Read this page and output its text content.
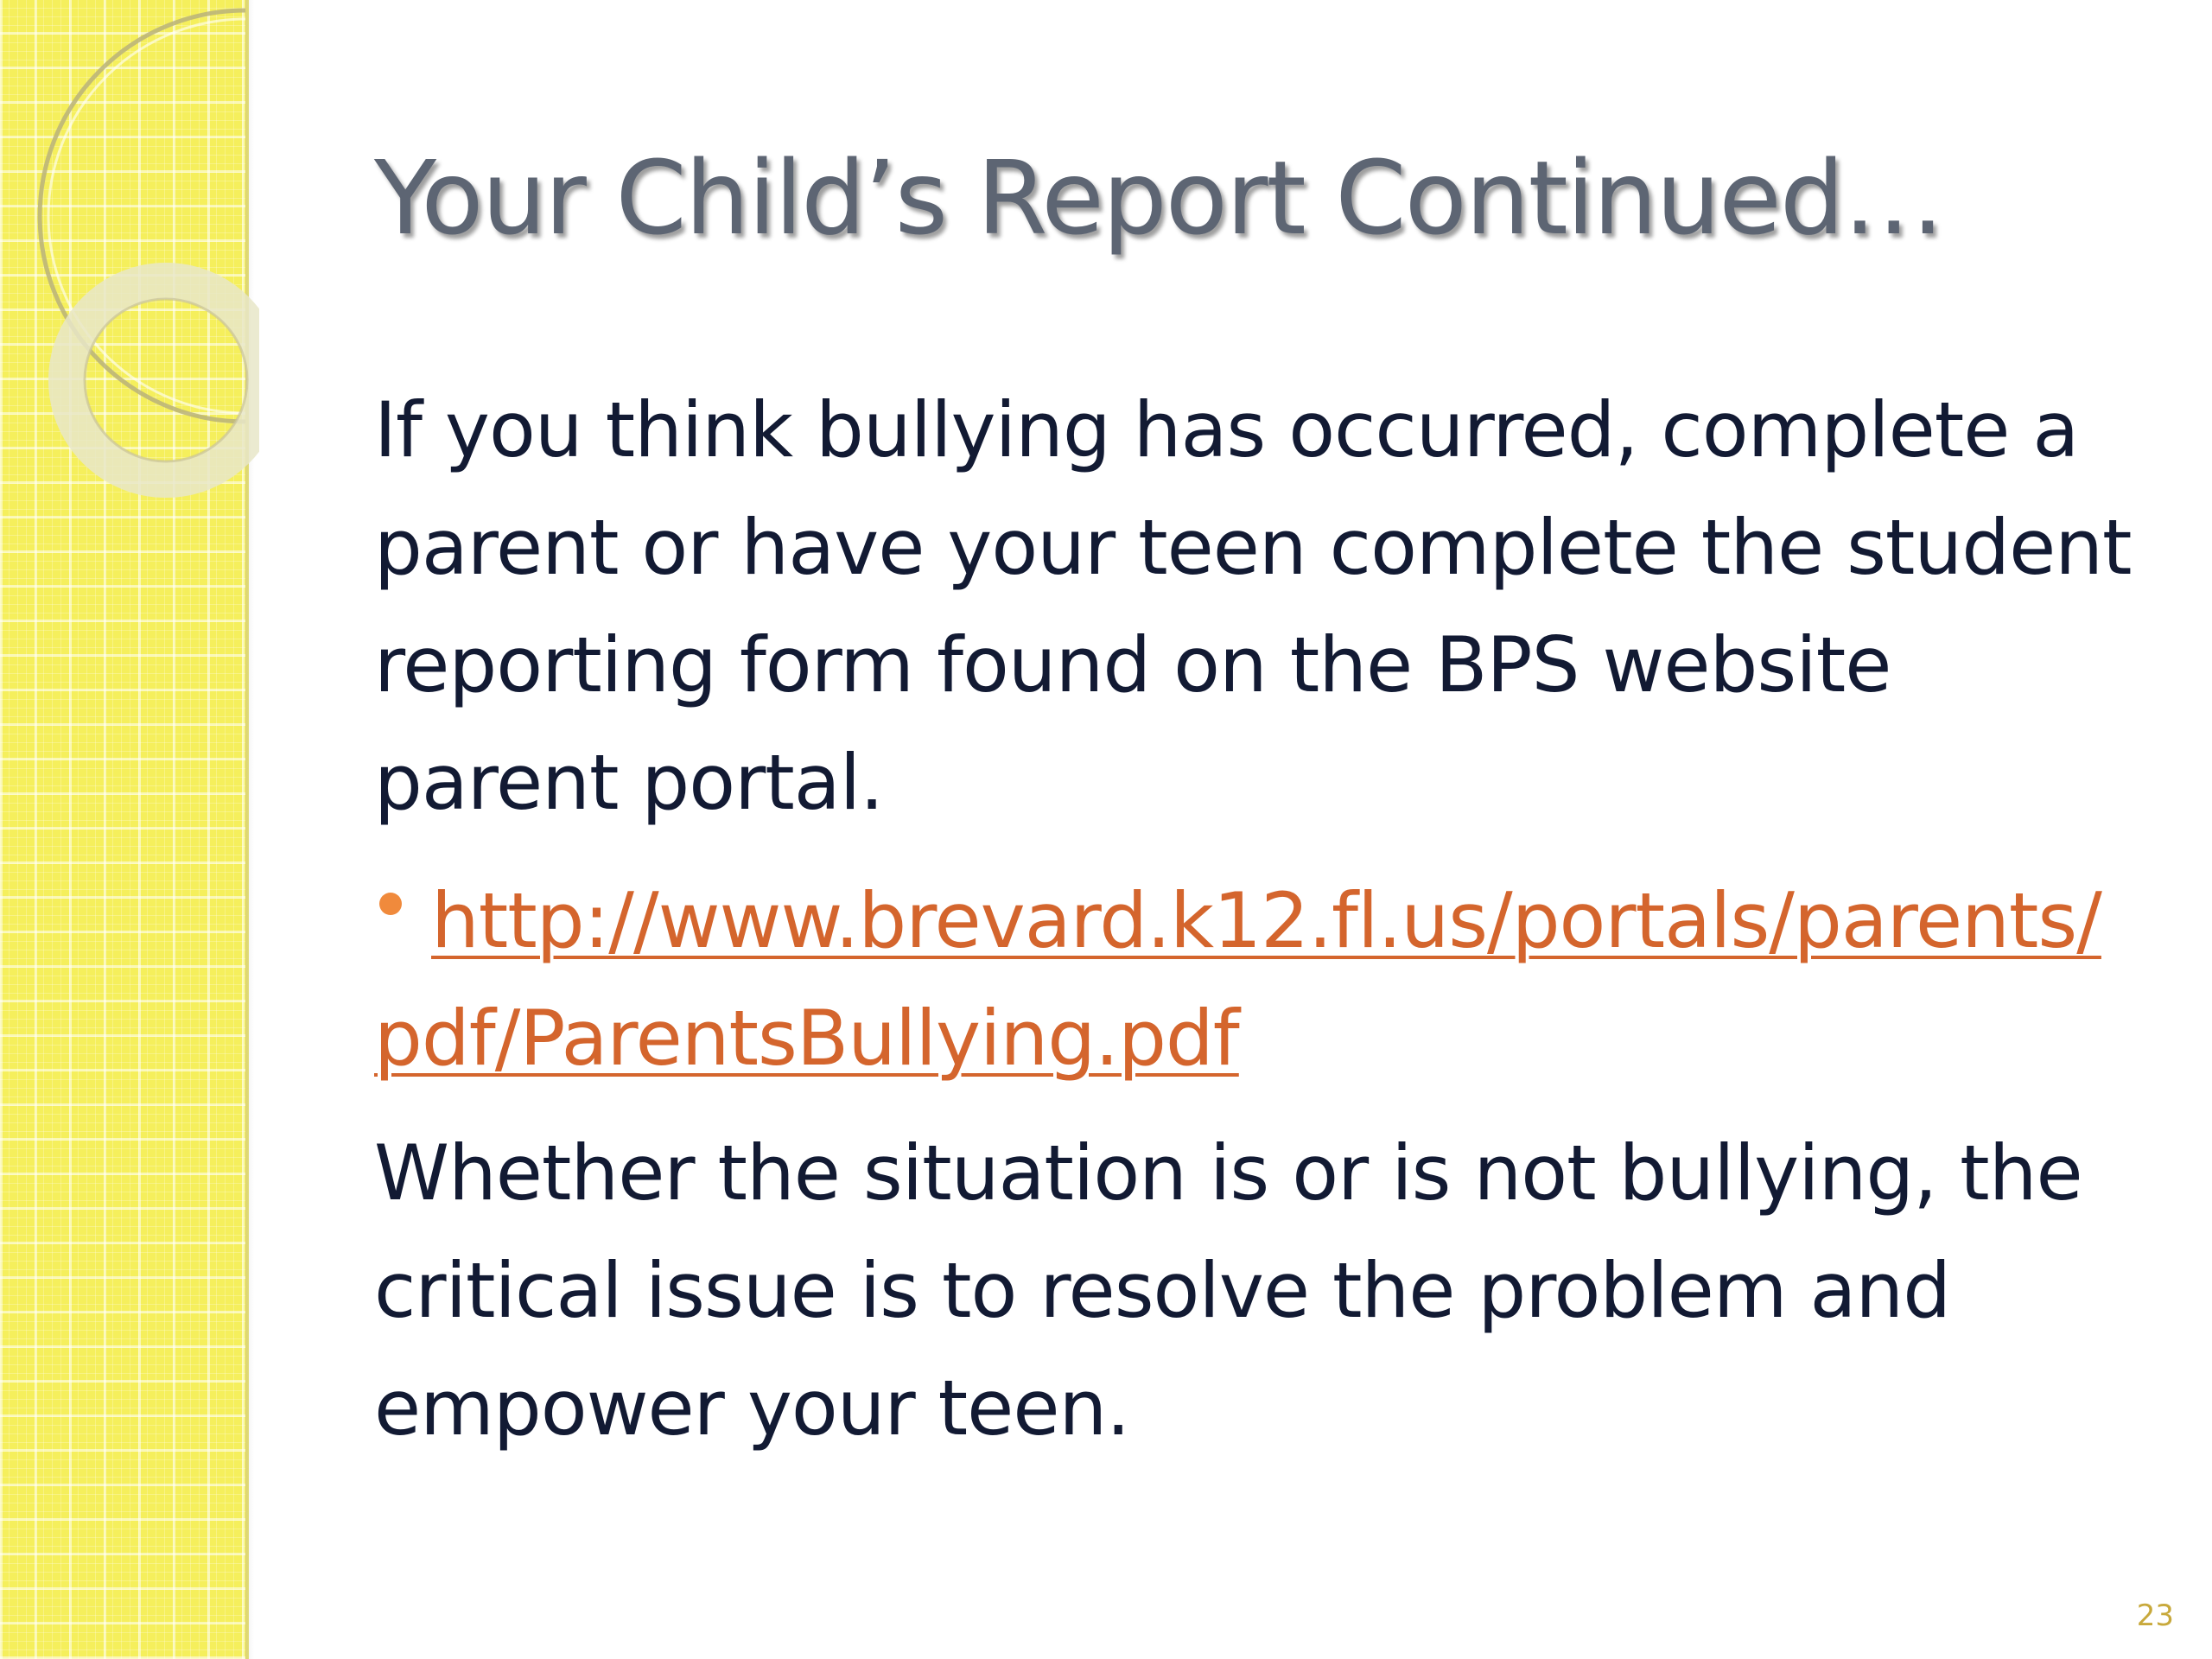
Your Child’s Report Continued…

If you think bullying has occurred, complete a parent or have your teen complete the student reporting form found on the BPS website parent portal.

http://www.brevard.k12.fl.us/portals/parents/pdf/ParentsBullying.pdf

Whether the situation is or is not bullying, the critical issue is to resolve the problem and empower your teen.

23
